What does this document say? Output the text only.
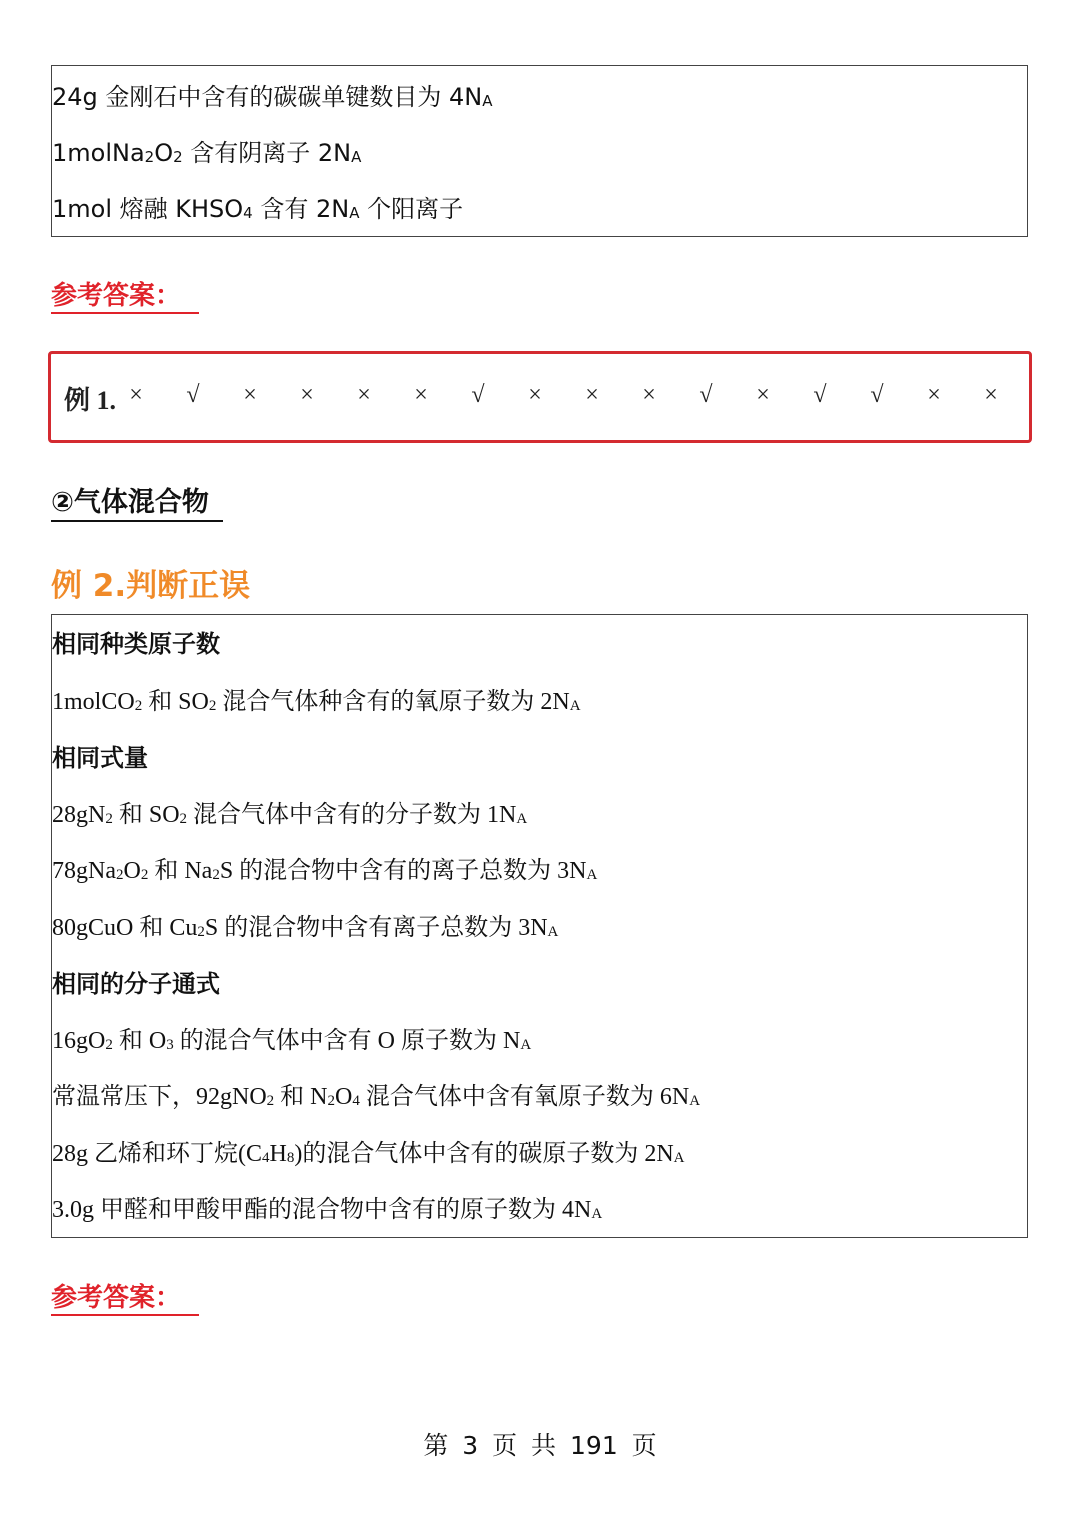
24g 金刚石中含有的碳碳单键数目为 $4N_A$
$1molNa_2O_2$ 含有阴离子 $2N_A$
1mol 熔融 $KHSO_4$ 含有 $2N_A$ 个阳离子
参考答案：
例 1. ×	√	×	×	×	×	√	×	×	×	√	×	√	√	×	×
②气体混合物
例 2.判断正误
相同种类原子数
1molCO$_2$ 和 $SO_2$ 混合气体种含有的氧原子数为 $2N_A$
相同式量
$28gN_2$ 和 $SO_2$ 混合气体中含有的分子数为 $1N_A$
$78gNa_2O_2$ 和 $Na_2S$ 的混合物中含有的离子总数为 $3N_A$
80gCuO 和 $Cu_2S$ 的混合物中含有离子总数为 $3N_A$
相同的分子通式
$16gO_2$ 和 $O_3$ 的混合气体中含有 O 原子数为 $N_A$
常温常压下，92gNO$_2$ 和 $N_2O_4$ 混合气体中含有氧原子数为 $6N_A$
28g 乙烯和环丁烷$(C_4H_8)$的混合气体中含有的碳原子数为 $2N_A$
3.0g 甲醛和甲酸甲酯的混合物中含有的原子数为 $4N_A$
参考答案：
第 3 页 共 191 页
